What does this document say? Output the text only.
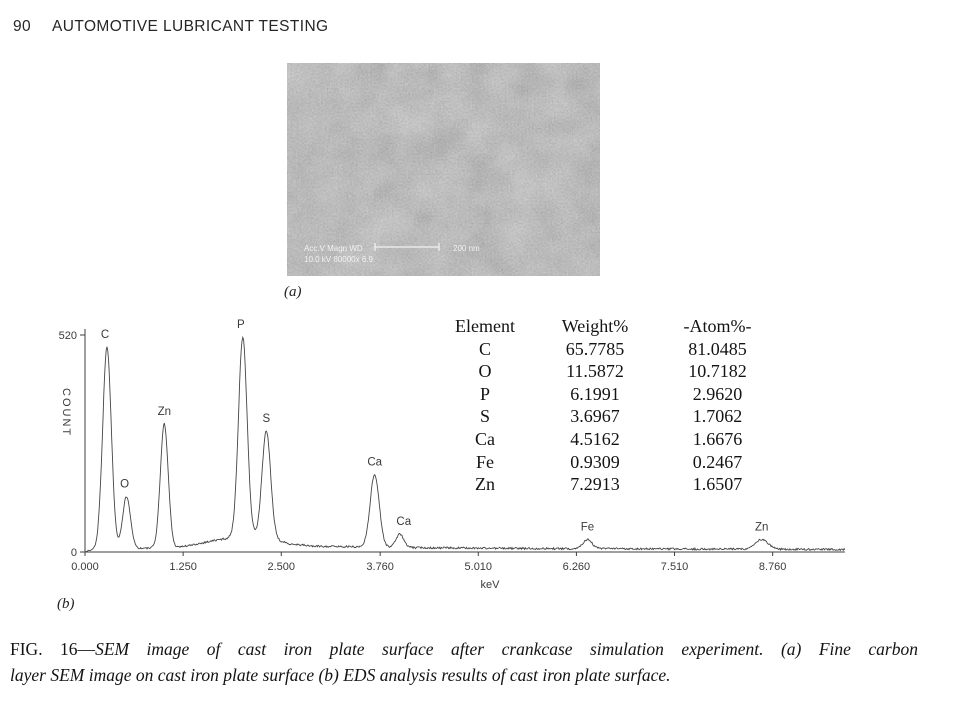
90 AUTOMOTIVE LUBRICANT TESTING
Acc.V Magn WD
10.0 kV 80000x 6.9
200 nm
(a)
520
0
0.000	1.250	2.500	3.760	5.010	6.260	7.510	8.760
keV
C
O
Zn
P
S
Ca
Ca	Fe	Zn
COUNT
(b)
Element	Weight%	-Atom%-
C	65.7785	81.0485
O	11.5872	10.7182
P	6.1991	2.9620
S	3.6967	1.7062
Ca	4.5162	1.6676
Fe	0.9309	0.2467
Zn	7.2913	1.6507
FIG. 16—SEM image of cast iron plate surface after crankcase simulation experiment. (a) Fine carbon
layer SEM image on cast iron plate surface (b) EDS analysis results of cast iron plate surface.
